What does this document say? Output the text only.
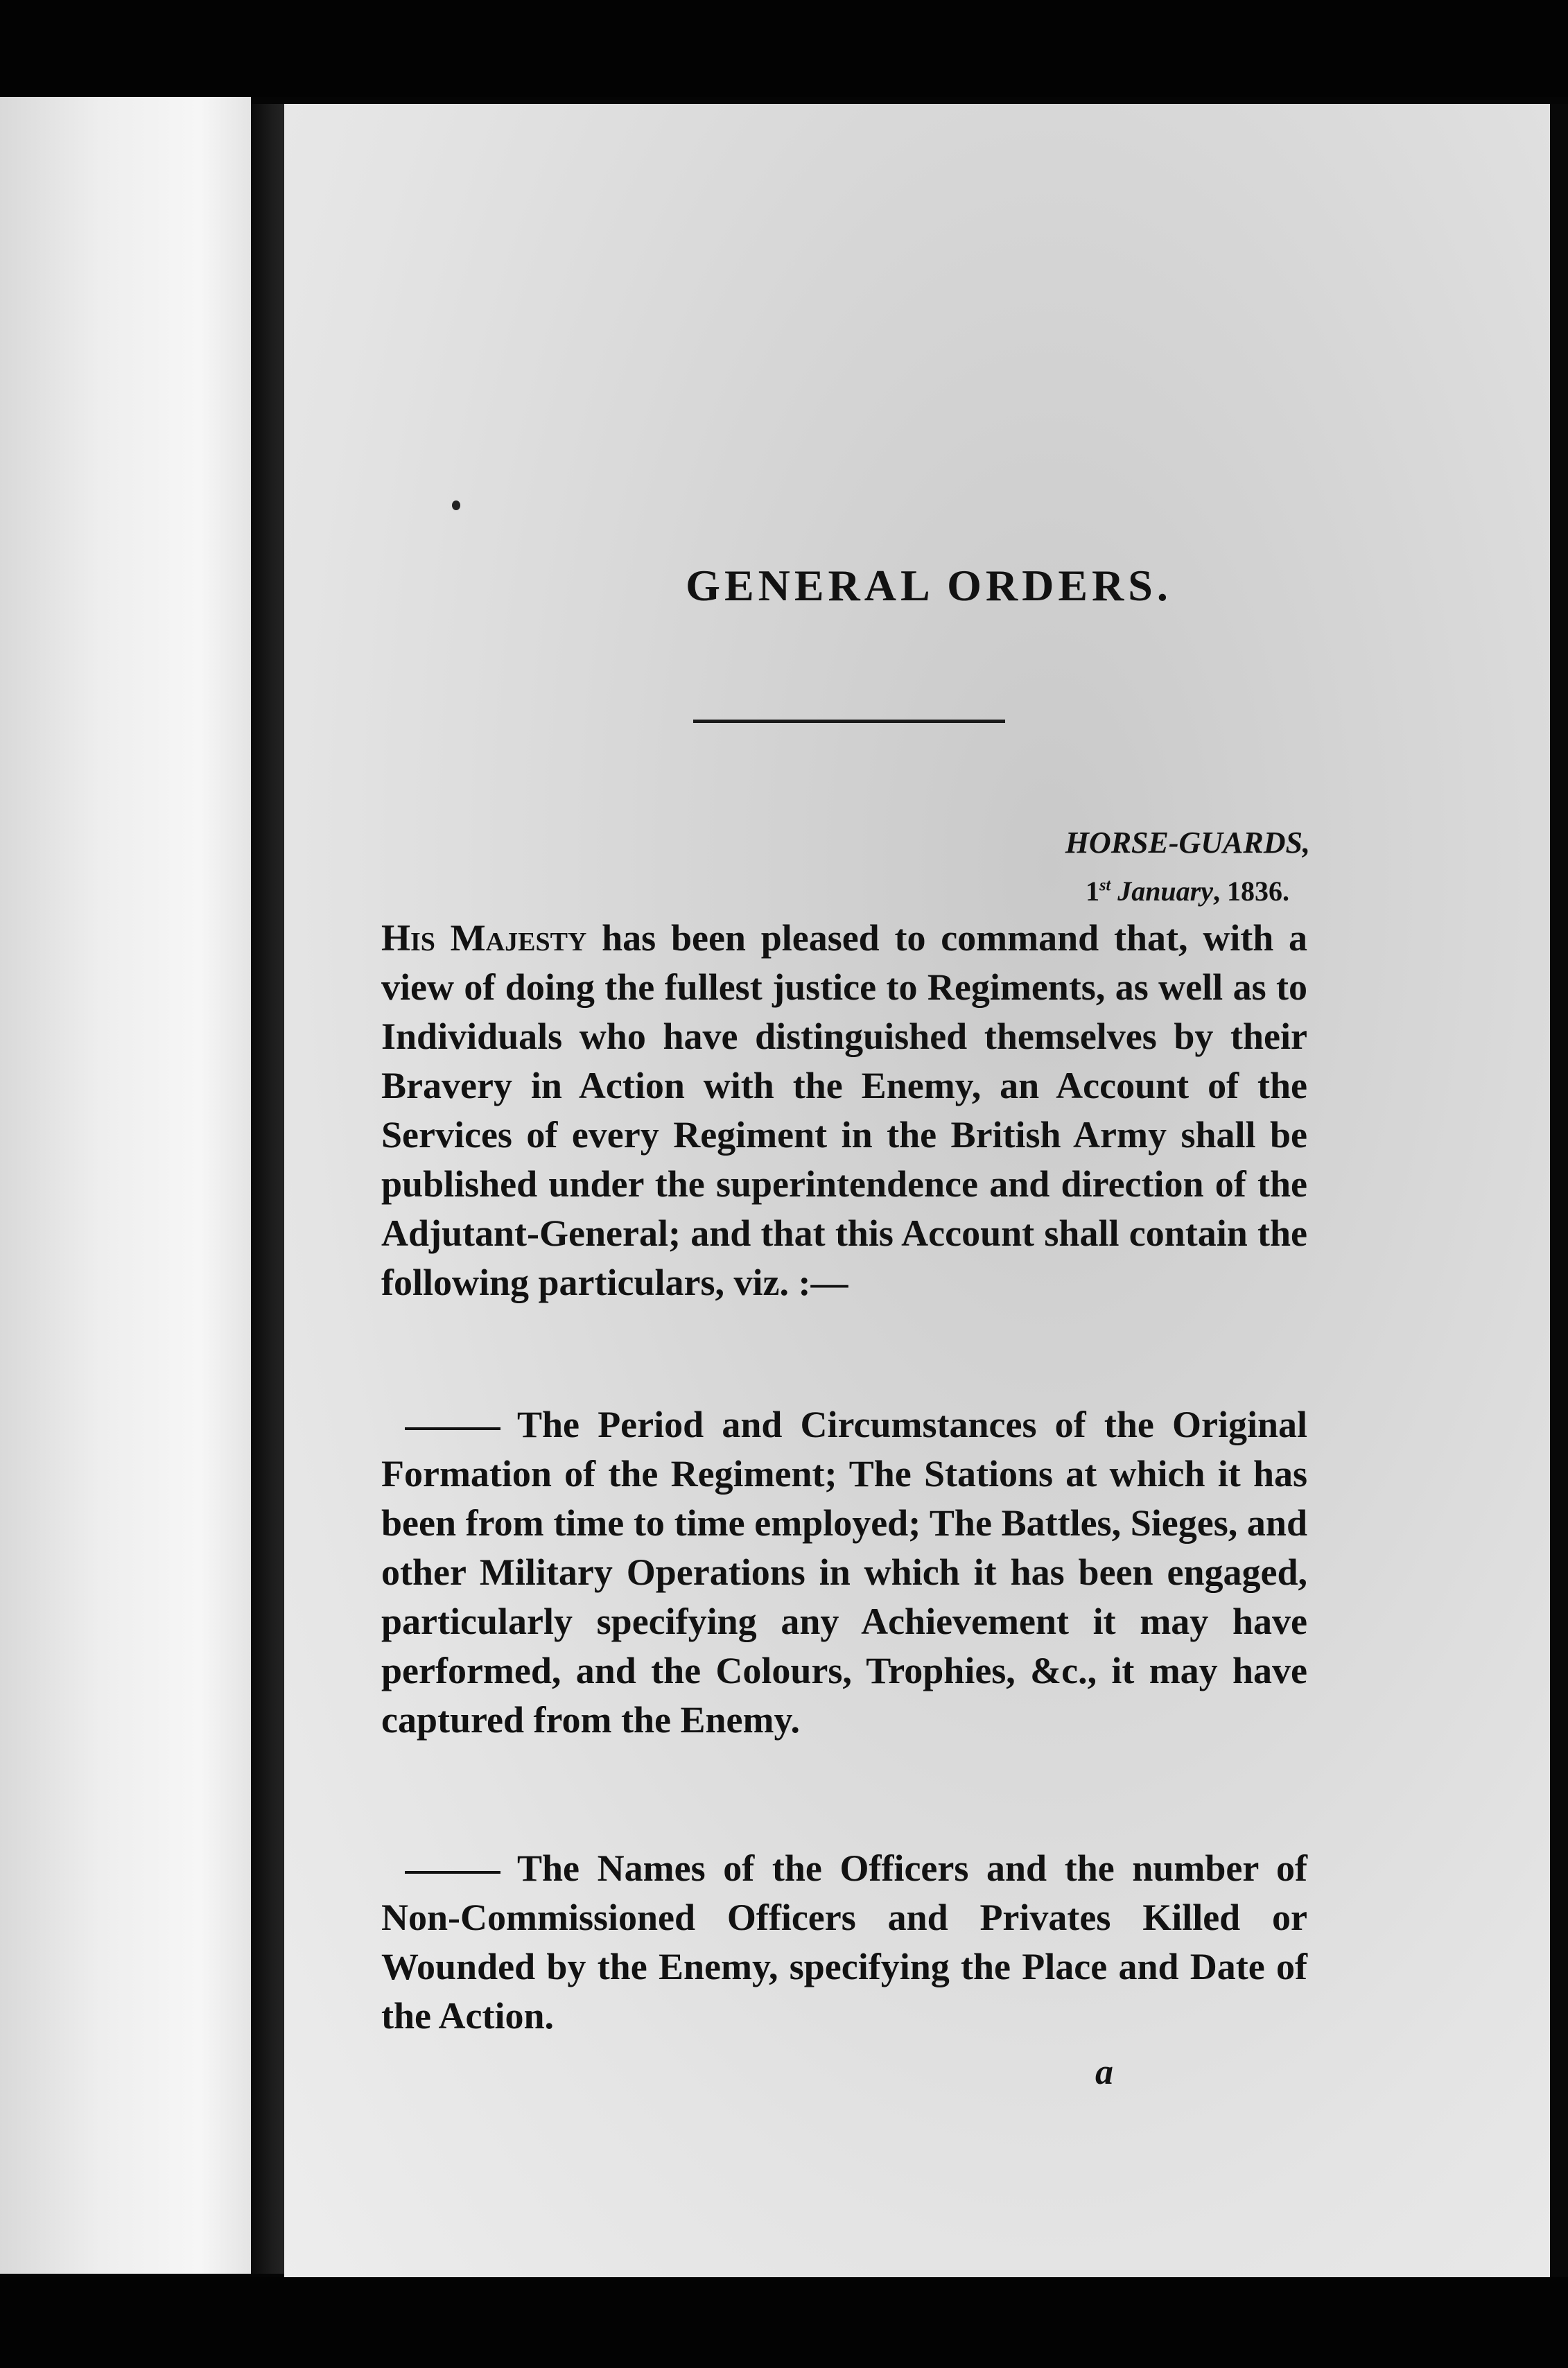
GENERAL ORDERS.
HORSE-GUARDS,
1st January, 1836.

His Majesty has been pleased to command that, with a view of doing the fullest justice to Regiments, as well as to Individuals who have distinguished themselves by their Bravery in Action with the Enemy, an Account of the Services of every Regiment in the British Army shall be published under the superintendence and direction of the Adjutant-General; and that this Account shall contain the following particulars, viz. :—

The Period and Circumstances of the Original Formation of the Regiment; The Stations at which it has been from time to time employed; The Battles, Sieges, and other Military Operations in which it has been engaged, particularly specifying any Achievement it may have performed, and the Colours, Trophies, &c., it may have captured from the Enemy.

The Names of the Officers and the number of Non-Commissioned Officers and Privates Killed or Wounded by the Enemy, specifying the Place and Date of the Action.

a
